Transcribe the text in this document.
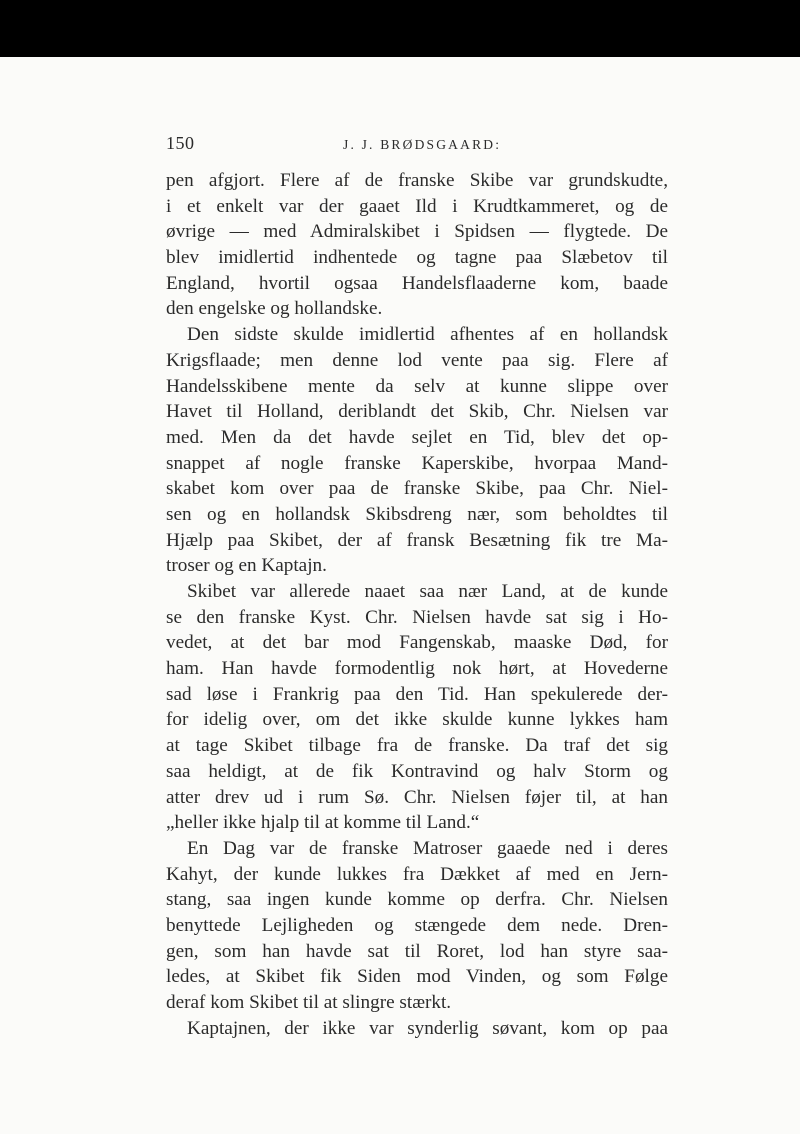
150	J. J. BRØDSGAARD:
pen afgjort. Flere af de franske Skibe var grundskudte,
i et enkelt var der gaaet Ild i Krudtkammeret, og de
øvrige — med Admiralskibet i Spidsen — flygtede. De
blev imidlertid indhentede og tagne paa Slæbetov til
England, hvortil ogsaa Handelsflaaderne kom, baade
den engelske og hollandske.
Den sidste skulde imidlertid afhentes af en hollandsk
Krigsflaade; men denne lod vente paa sig. Flere af
Handelsskibene mente da selv at kunne slippe over
Havet til Holland, deriblandt det Skib, Chr. Nielsen var
med. Men da det havde sejlet en Tid, blev det op-
snappet af nogle franske Kaperskibe, hvorpaa Mand-
skabet kom over paa de franske Skibe, paa Chr. Niel-
sen og en hollandsk Skibsdreng nær, som beholdtes til
Hjælp paa Skibet, der af fransk Besætning fik tre Ma-
troser og en Kaptajn.
Skibet var allerede naaet saa nær Land, at de kunde
se den franske Kyst. Chr. Nielsen havde sat sig i Ho-
vedet, at det bar mod Fangenskab, maaske Død, for
ham. Han havde formodentlig nok hørt, at Hovederne
sad løse i Frankrig paa den Tid. Han spekulerede der-
for idelig over, om det ikke skulde kunne lykkes ham
at tage Skibet tilbage fra de franske. Da traf det sig
saa heldigt, at de fik Kontravind og halv Storm og
atter drev ud i rum Sø. Chr. Nielsen føjer til, at han
„heller ikke hjalp til at komme til Land.“
En Dag var de franske Matroser gaaede ned i deres
Kahyt, der kunde lukkes fra Dækket af med en Jern-
stang, saa ingen kunde komme op derfra. Chr. Nielsen
benyttede Lejligheden og stængede dem nede. Dren-
gen, som han havde sat til Roret, lod han styre saa-
ledes, at Skibet fik Siden mod Vinden, og som Følge
deraf kom Skibet til at slingre stærkt.
Kaptajnen, der ikke var synderlig søvant, kom op paa
